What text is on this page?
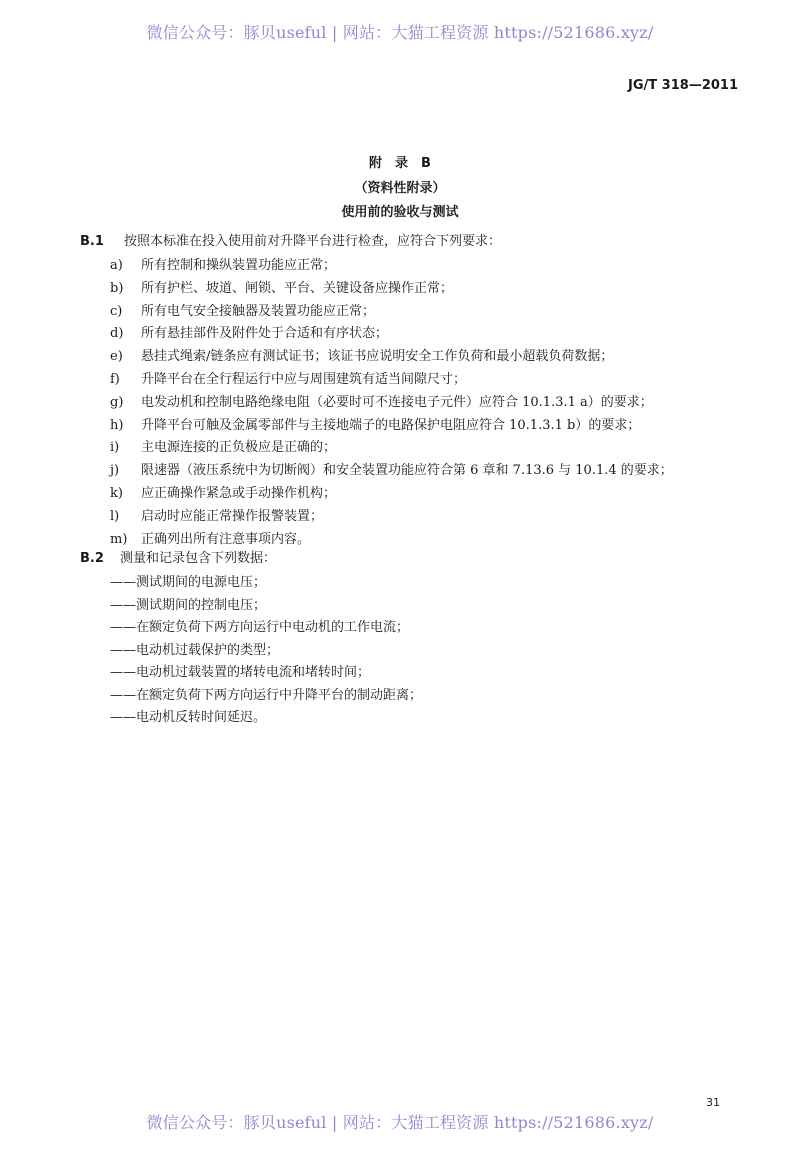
微信公众号：豚贝useful | 网站：大猫工程资源 https://521686.xyz/
JG/T 318—2011
附　录　B
（资料性附录）
使用前的验收与测试
B.1 按照本标准在投入使用前对升降平台进行检查，应符合下列要求：
a) 所有控制和操纵装置功能应正常；
b) 所有护栏、坡道、闸锁、平台、关键设备应操作正常；
c) 所有电气安全接触器及装置功能应正常；
d) 所有悬挂部件及附件处于合适和有序状态；
e) 悬挂式绳索/链条应有测试证书；该证书应说明安全工作负荷和最小超载负荷数据；
f) 升降平台在全行程运行中应与周围建筑有适当间隙尺寸；
g) 电发动机和控制电路绝缘电阻（必要时可不连接电子元件）应符合 10.1.3.1 a）的要求；
h) 升降平台可触及金属零部件与主接地端子的电路保护电阻应符合 10.1.3.1 b）的要求；
i) 主电源连接的正负极应是正确的；
j) 限速器（液压系统中为切断阀）和安全装置功能应符合第 6 章和 7.13.6 与 10.1.4 的要求；
k) 应正确操作紧急或手动操作机构；
l) 启动时应能正常操作报警装置；
m) 正确列出所有注意事项内容。
B.2 测量和记录包含下列数据：
——测试期间的电源电压；
——测试期间的控制电压；
——在额定负荷下两方向运行中电动机的工作电流；
——电动机过载保护的类型；
——电动机过载装置的堵转电流和堵转时间；
——在额定负荷下两方向运行中升降平台的制动距离；
——电动机反转时间延迟。
31
微信公众号：豚贝useful | 网站：大猫工程资源 https://521686.xyz/
